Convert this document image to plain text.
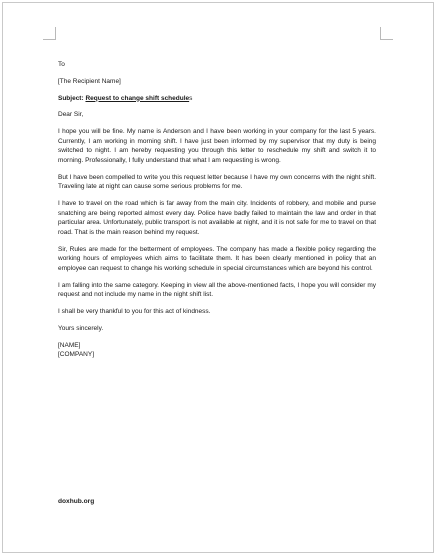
To

[The Recipient Name]

Subject: Request to change shift schedules

Dear Sir,

I hope you will be fine. My name is Anderson and I have been working in your company for the last 5 years. Currently, I am working in morning shift. I have just been informed by my supervisor that my duty is being switched to night. I am hereby requesting you through this letter to reschedule my shift and switch it to morning. Professionally, I fully understand that what I am requesting is wrong.

But I have been compelled to write you this request letter because I have my own concerns with the night shift. Traveling late at night can cause some serious problems for me.

I have to travel on the road which is far away from the main city. Incidents of robbery, and mobile and purse snatching are being reported almost every day. Police have badly failed to maintain the law and order in that particular area. Unfortunately, public transport is not available at night, and it is not safe for me to travel on that road. That is the main reason behind my request.

Sir, Rules are made for the betterment of employees. The company has made a flexible policy regarding the working hours of employees which aims to facilitate them. It has been clearly mentioned in policy that an employee can request to change his working schedule in special circumstances which are beyond his control.

I am falling into the same category. Keeping in view all the above-mentioned facts, I hope you will consider my request and not include my name in the night shift list.

I shall be very thankful to you for this act of kindness.

Yours sincerely.

[NAME]
[COMPANY]

doxhub.org
